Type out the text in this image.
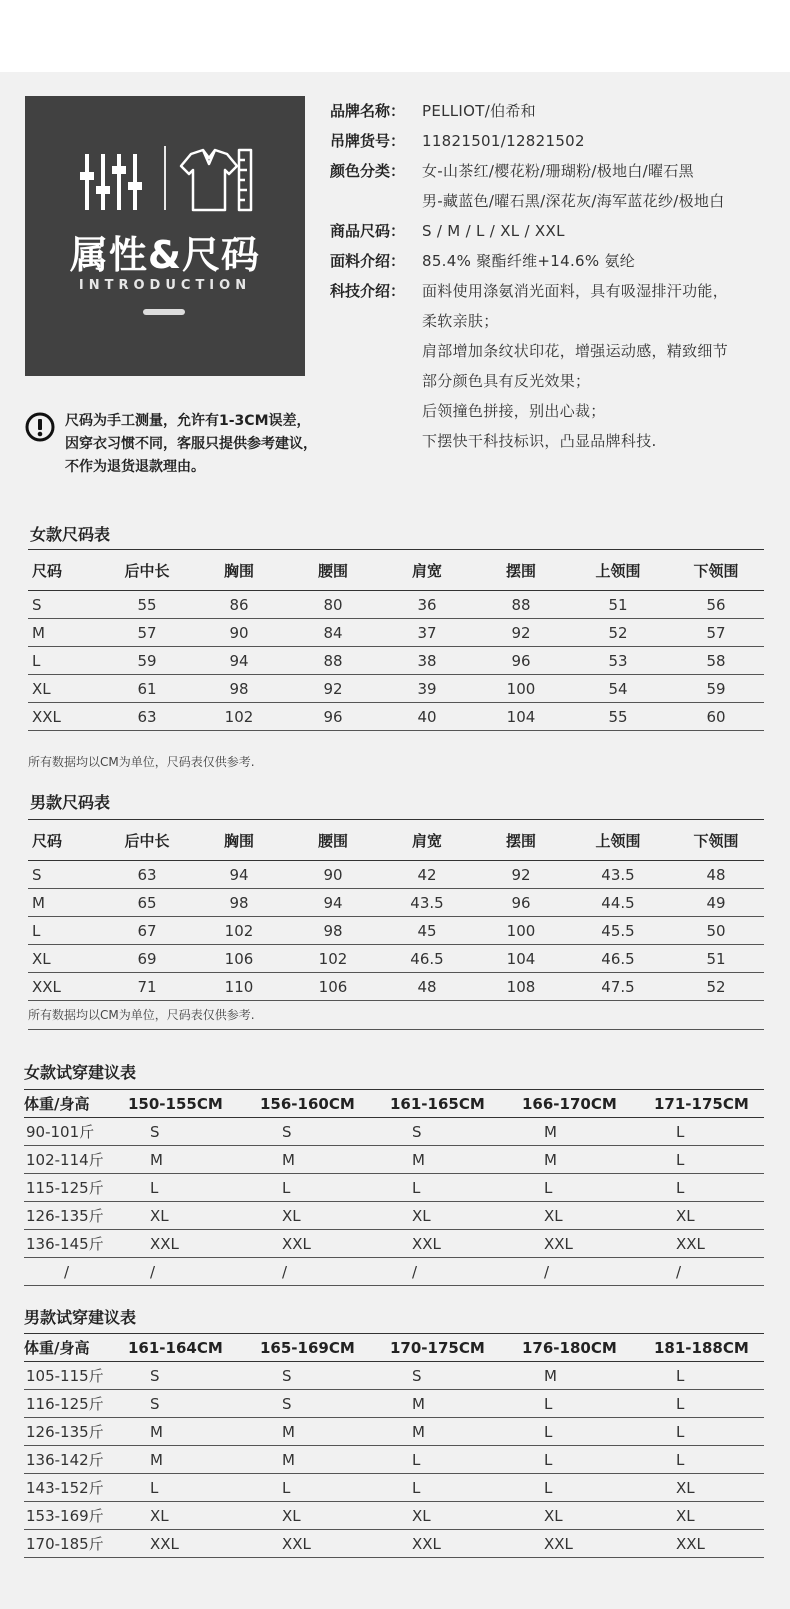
属性&尺码
INTRODUCTION
品牌名称：	PELLIOT/伯希和
吊牌货号：	11821501/12821502
颜色分类：	女-山茶红/樱花粉/珊瑚粉/极地白/曜石黑
男-藏蓝色/曜石黑/深花灰/海军蓝花纱/极地白
商品尺码：	S / M / L / XL / XXL
面料介绍：	85.4% 聚酯纤维+14.6% 氨纶
科技介绍：	面料使用涤氨消光面料，具有吸湿排汗功能，
柔软亲肤；
肩部增加条纹状印花，增强运动感，精致细节
部分颜色具有反光效果；
后领撞色拼接，别出心裁；
下摆快干科技标识，凸显品牌科技.
尺码为手工测量，允许有1-3CM误差，
因穿衣习惯不同，客服只提供参考建议，
不作为退货退款理由。
女款尺码表
尺码	后中长	胸围	腰围	肩宽	摆围	上领围	下领围
S	55	86	80	36	88	51	56
M	57	90	84	37	92	52	57
L	59	94	88	38	96	53	58
XL	61	98	92	39	100	54	59
XXL	63	102	96	40	104	55	60
所有数据均以CM为单位，尺码表仅供参考.
男款尺码表
尺码	后中长	胸围	腰围	肩宽	摆围	上领围	下领围
S	63	94	90	42	92	43.5	48
M	65	98	94	43.5	96	44.5	49
L	67	102	98	45	100	45.5	50
XL	69	106	102	46.5	104	46.5	51
XXL	71	110	106	48	108	47.5	52
所有数据均以CM为单位，尺码表仅供参考.
女款试穿建议表
体重/身高	150-155CM	156-160CM	161-165CM	166-170CM	171-175CM
90-101斤	S	S	S	M	L
102-114斤	M	M	M	M	L
115-125斤	L	L	L	L	L
126-135斤	XL	XL	XL	XL	XL
136-145斤	XXL	XXL	XXL	XXL	XXL
/	/	/	/	/	/
男款试穿建议表
体重/身高	161-164CM	165-169CM	170-175CM	176-180CM	181-188CM
105-115斤	S	S	S	M	L
116-125斤	S	S	M	L	L
126-135斤	M	M	M	L	L
136-142斤	M	M	L	L	L
143-152斤	L	L	L	L	XL
153-169斤	XL	XL	XL	XL	XL
170-185斤	XXL	XXL	XXL	XXL	XXL
